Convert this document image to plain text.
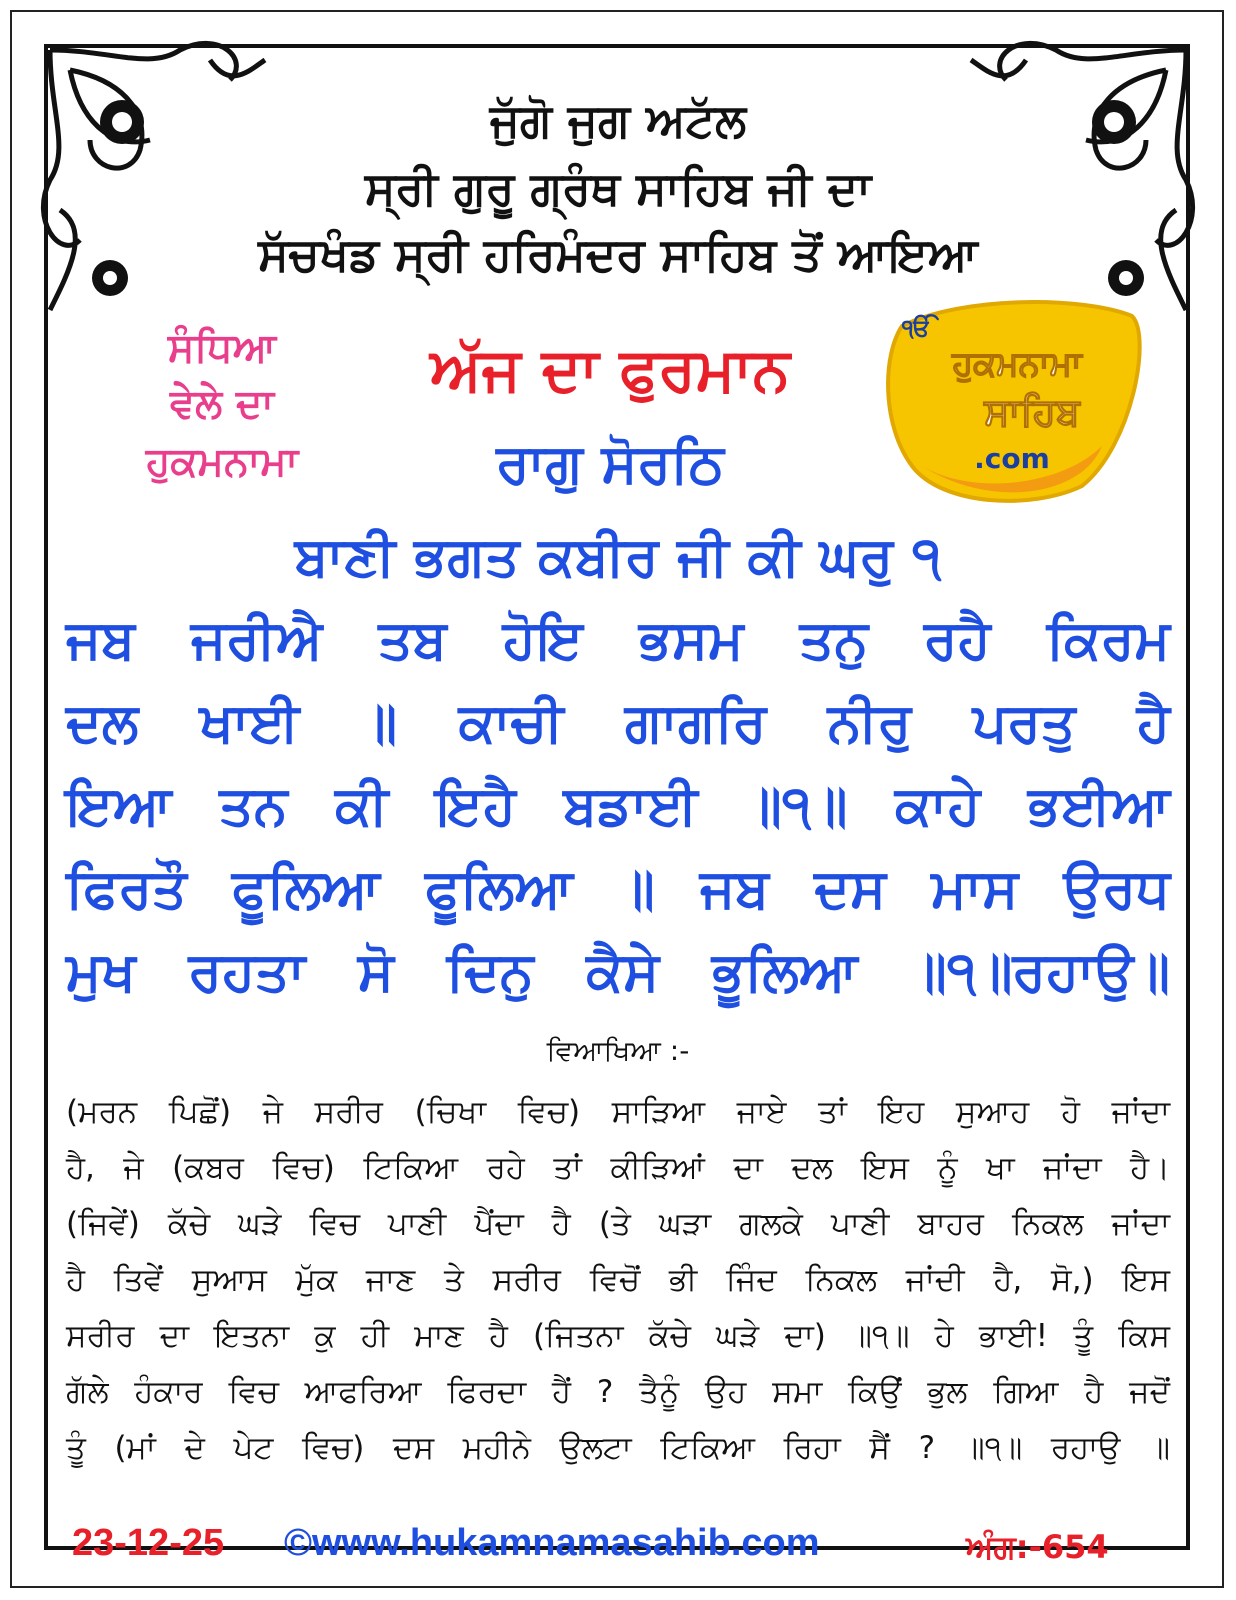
ਜੁੱਗੋ ਜੁਗ ਅਟੱਲ
ਸ੍ਰੀ ਗੁਰੂ ਗ੍ਰੰਥ ਸਾਹਿਬ ਜੀ ਦਾ
ਸੱਚਖੰਡ ਸ੍ਰੀ ਹਰਿਮੰਦਰ ਸਾਹਿਬ ਤੋਂ ਆਇਆ
ਸੰਧਿਆ
ਵੇਲੇ ਦਾ
ਹੁਕਮਨਾਮਾ
ਅੱਜ ਦਾ ਫੁਰਮਾਨ
ਰਾਗੁ ਸੋਰਠਿ
ੴ
ਹੁਕਮਨਾਮਾ
ਸਾਹਿਬ
.com
ਬਾਣੀ ਭਗਤ ਕਬੀਰ ਜੀ ਕੀ ਘਰੁ ੧
ਜਬ ਜਰੀਐ ਤਬ ਹੋਇ ਭਸਮ ਤਨੁ ਰਹੈ ਕਿਰਮ
ਦਲ ਖਾਈ ॥ ਕਾਚੀ ਗਾਗਰਿ ਨੀਰੁ ਪਰਤੁ ਹੈ
ਇਆ ਤਨ ਕੀ ਇਹੈ ਬਡਾਈ ॥੧॥ ਕਾਹੇ ਭਈਆ
ਫਿਰਤੌ ਫੂਲਿਆ ਫੂਲਿਆ ॥ ਜਬ ਦਸ ਮਾਸ ਉਰਧ
ਮੁਖ ਰਹਤਾ ਸੋ ਦਿਨੁ ਕੈਸੇ ਭੂਲਿਆ ॥੧॥ਰਹਾਉ॥
ਵਿਆਖਿਆ :-
(ਮਰਨ ਪਿਛੋਂ) ਜੇ ਸਰੀਰ (ਚਿਖਾ ਵਿਚ) ਸਾੜਿਆ ਜਾਏ ਤਾਂ ਇਹ ਸੁਆਹ ਹੋ ਜਾਂਦਾ
ਹੈ, ਜੇ (ਕਬਰ ਵਿਚ) ਟਿਕਿਆ ਰਹੇ ਤਾਂ ਕੀੜਿਆਂ ਦਾ ਦਲ ਇਸ ਨੂੰ ਖਾ ਜਾਂਦਾ ਹੈ।
(ਜਿਵੇਂ) ਕੱਚੇ ਘੜੇ ਵਿਚ ਪਾਣੀ ਪੈਂਦਾ ਹੈ (ਤੇ ਘੜਾ ਗਲਕੇ ਪਾਣੀ ਬਾਹਰ ਨਿਕਲ ਜਾਂਦਾ
ਹੈ ਤਿਵੇਂ ਸੁਆਸ ਮੁੱਕ ਜਾਣ ਤੇ ਸਰੀਰ ਵਿਚੋਂ ਭੀ ਜਿੰਦ ਨਿਕਲ ਜਾਂਦੀ ਹੈ, ਸੋ,) ਇਸ
ਸਰੀਰ ਦਾ ਇਤਨਾ ਕੁ ਹੀ ਮਾਣ ਹੈ (ਜਿਤਨਾ ਕੱਚੇ ਘੜੇ ਦਾ) ॥੧॥ ਹੇ ਭਾਈ! ਤੂੰ ਕਿਸ
ਗੱਲੇ ਹੰਕਾਰ ਵਿਚ ਆਫਰਿਆ ਫਿਰਦਾ ਹੈਂ ? ਤੈਨੂੰ ਉਹ ਸਮਾ ਕਿਉਂ ਭੁਲ ਗਿਆ ਹੈ ਜਦੋਂ
ਤੂੰ (ਮਾਂ ਦੇ ਪੇਟ ਵਿਚ) ਦਸ ਮਹੀਨੇ ਉਲਟਾ ਟਿਕਿਆ ਰਿਹਾ ਸੈਂ ? ॥੧॥ ਰਹਾਉ ॥
23-12-25 ©www.hukamnamasahib.com	ਅੰਗ:-654
